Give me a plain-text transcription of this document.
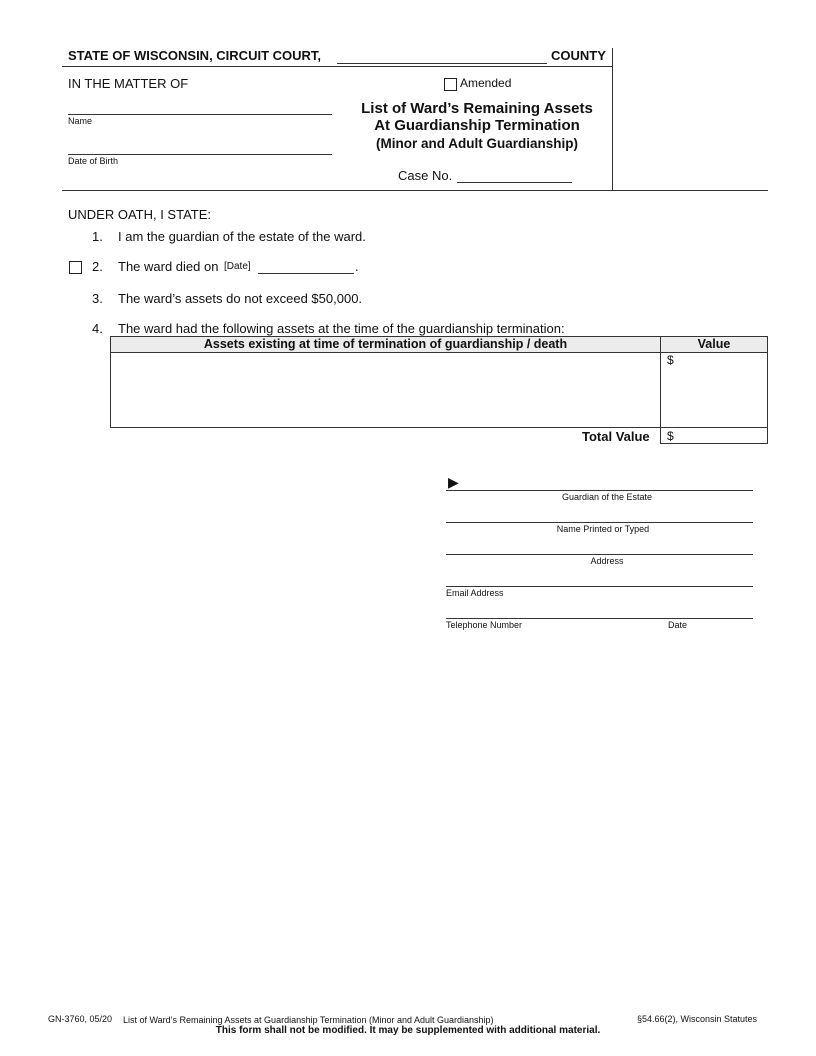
STATE OF WISCONSIN, CIRCUIT COURT,	COUNTY
IN THE MATTER OF	Amended
Name
Date of Birth
List of Ward’s Remaining Assets
At Guardianship Termination
(Minor and Adult Guardianship)
Case No.
UNDER OATH, I STATE:
1. I am the guardian of the estate of the ward.
2. The ward died on [Date]	.
3. The ward’s assets do not exceed $50,000.
4. The ward had the following assets at the time of the guardianship termination:
Assets existing at time of termination of guardianship / death	Value
$
Total Value $
▶
Guardian of the Estate
Name Printed or Typed
Address
Email Address
Telephone Number	Date
GN-3760, 05/20 List of Ward’s Remaining Assets at Guardianship Termination (Minor and Adult Guardianship)	§54.66(2), Wisconsin Statutes
This form shall not be modified. It may be supplemented with additional material.
